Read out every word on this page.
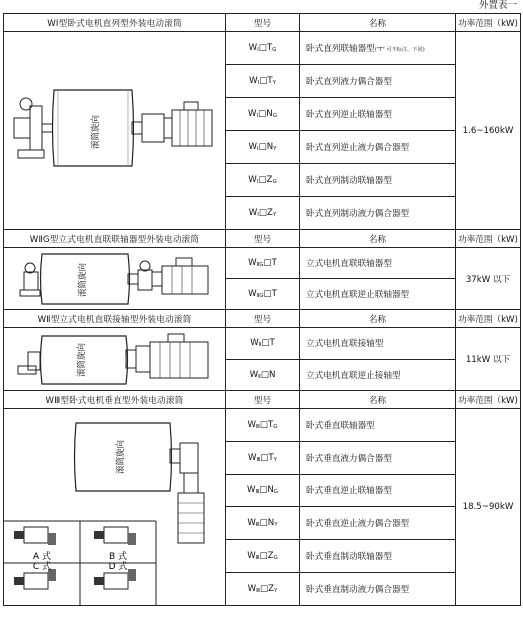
外置表一
WⅠ型卧式电机直列型外装电动滚筒	型号	名称	功率范围（kW)

滚筒旋向	$W_Ⅰ□T_G$	卧式直列联轴器型("T" 可不标注，下同)	1.6~160kW
	$W_Ⅰ□T_Y$	卧式直列液力偶合器型	
	$W_Ⅰ□N_G$	卧式直列逆止联轴器型	
	$W_Ⅰ□N_Y$	卧式直列逆止液力偶合器型	
	$W_Ⅰ□Z_G$	卧式直列制动联轴器型	
	$W_Ⅰ□Z_Y$	卧式直列制动液力偶合器型	
WⅡG型立式电机直联联轴器型外装电动滚筒	型号	名称	功率范围（kW)

滚筒旋向	$W_{ⅡG}□T$	立式电机直联联轴器型	37kW 以下
	$W_{ⅡG}□T$	立式电机直联逆止联轴器型	
WⅡ型立式电机直联接轴型外装电动滚筒	型号	名称	功率范围（kW)

滚筒旋向	$W_Ⅱ□T$	立式电机直联接轴型	11kW 以下
	$W_Ⅱ□N$	立式电机直联逆止接轴型	
WⅢ型卧式电机垂直型外装电动滚筒	型号	名称	功率范围（kW)

滚筒旋向
A 式 B 式
C 式 D 式	$W_Ⅲ□T_G$	卧式垂直联轴器型	18.5~90kW
	$W_Ⅲ□T_Y$	卧式垂直液力偶合器型	
	$W_Ⅲ□N_G$	卧式垂直逆止联轴器型	
	$W_Ⅲ□N_Y$	卧式垂直逆止液力偶合器型	
	$W_Ⅲ□Z_G$	卧式垂直制动联轴器型	
	$W_Ⅲ□Z_Y$	卧式垂直制动液力偶合器型	
